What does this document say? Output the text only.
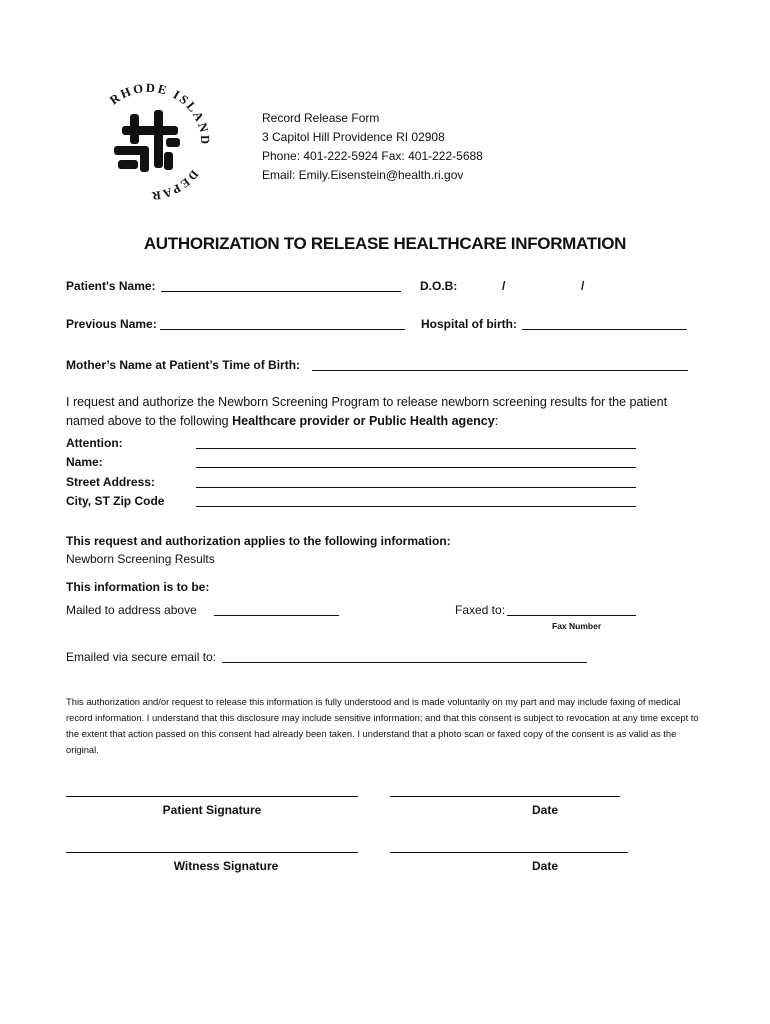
RHODE ISLAND
DEPAR
Record Release Form
3 Capitol Hill Providence RI 02908
Phone: 401-222-5924 Fax: 401-222-5688
Email: Emily.Eisenstein@health.ri.gov
AUTHORIZATION TO RELEASE HEALTHCARE INFORMATION
Patient's Name:	D.O.B:	/	/
Previous Name:	Hospital of birth:
Mother’s Name at Patient’s Time of Birth:
I request and authorize the Newborn Screening Program to release newborn screening results for the patient named above to the following Healthcare provider or Public Health agency:
Attention:
Name:
Street Address:
City, ST Zip Code
This request and authorization applies to the following information:
Newborn Screening Results
This information is to be:
Mailed to address above	Faxed to:
Fax Number
Emailed via secure email to:
This authorization and/or request to release this information is fully understood and is made voluntarily on my part and may include faxing of medical record information. I understand that this disclosure may include sensitive information; and that this consent is subject to revocation at any time except to the extent that action passed on this consent had already been taken. I understand that a photo scan or faxed copy of the consent is as valid as the original.
Patient Signature	Date
Witness Signature	Date
